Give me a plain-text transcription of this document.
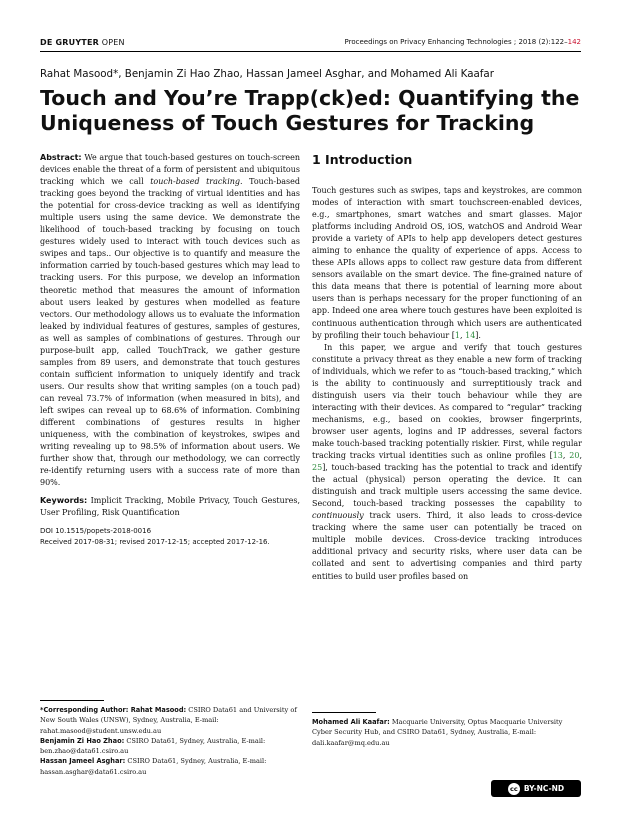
DE GRUYTER OPEN	Proceedings on Privacy Enhancing Technologies ; 2018 (2):122–142
Rahat Masood*, Benjamin Zi Hao Zhao, Hassan Jameel Asghar, and Mohamed Ali Kaafar
Touch and You’re Trapp(ck)ed: Quantifying the Uniqueness of Touch Gestures for Tracking

Abstract: We argue that touch-based gestures on touch-screen devices enable the threat of a form of persistent and ubiquitous tracking which we call touch-based tracking. Touch-based tracking goes beyond the tracking of virtual identities and has the potential for cross-device tracking as well as identifying multiple users using the same device. We demonstrate the likelihood of touch-based tracking by focusing on touch gestures widely used to interact with touch devices such as swipes and taps.. Our objective is to quantify and measure the information carried by touch-based gestures which may lead to tracking users. For this purpose, we develop an information theoretic method that measures the amount of information about users leaked by gestures when modelled as feature vectors. Our methodology allows us to evaluate the information leaked by individual features of gestures, samples of gestures, as well as samples of combinations of gestures. Through our purpose-built app, called TouchTrack, we gather gesture samples from 89 users, and demonstrate that touch gestures contain sufficient information to uniquely identify and track users. Our results show that writing samples (on a touch pad) can reveal 73.7% of information (when measured in bits), and left swipes can reveal up to 68.6% of information. Combining different combinations of gestures results in higher uniqueness, with the combination of keystrokes, swipes and writing revealing up to 98.5% of information about users. We further show that, through our methodology, we can correctly re-identify returning users with a success rate of more than 90%.

Keywords: Implicit Tracking, Mobile Privacy, Touch Gestures, User Profiling, Risk Quantification

DOI 10.1515/popets-2018-0016

Received 2017-08-31; revised 2017-12-15; accepted 2017-12-16.

*Corresponding Author: Rahat Masood: CSIRO Data61 and University of New South Wales (UNSW), Sydney, Australia, E-mail: rahat.masood@student.unsw.edu.au

Benjamin Zi Hao Zhao: CSIRO Data61, Sydney, Australia, E-mail: ben.zhao@data61.csiro.au

Hassan Jameel Asghar: CSIRO Data61, Sydney, Australia, E-mail: hassan.asghar@data61.csiro.au

1 Introduction

Touch gestures such as swipes, taps and keystrokes, are common modes of interaction with smart touchscreen-enabled devices, e.g., smartphones, smart watches and smart glasses. Major platforms including Android OS, iOS, watchOS and Android Wear provide a variety of APIs to help app developers detect gestures aiming to enhance the quality of experience of apps. Access to these APIs allows apps to collect raw gesture data from different sensors available on the smart device. The fine-grained nature of this data means that there is potential of learning more about users than is perhaps necessary for the proper functioning of an app. Indeed one area where touch gestures have been exploited is continuous authentication through which users are authenticated by profiling their touch behaviour [1, 14].

In this paper, we argue and verify that touch gestures constitute a privacy threat as they enable a new form of tracking of individuals, which we refer to as “touch-based tracking,” which is the ability to continuously and surreptitiously track and distinguish users via their touch behaviour while they are interacting with their devices. As compared to “regular” tracking mechanisms, e.g., based on cookies, browser fingerprints, browser user agents, logins and IP addresses, several factors make touch-based tracking potentially riskier. First, while regular tracking tracks virtual identities such as online profiles [13, 20, 25], touch-based tracking has the potential to track and identify the actual (physical) person operating the device. It can distinguish and track multiple users accessing the same device. Second, touch-based tracking possesses the capability to continuously track users. Third, it also leads to cross-device tracking where the same user can potentially be traced on multiple mobile devices. Cross-device tracking introduces additional privacy and security risks, where user data can be collated and sent to advertising companies and third party entities to build user profiles based on

Mohamed Ali Kaafar: Macquarie University, Optus Macquarie University Cyber Security Hub, and CSIRO Data61, Sydney, Australia, E-mail: dali.kaafar@mq.edu.au

cc BY-NC-ND
